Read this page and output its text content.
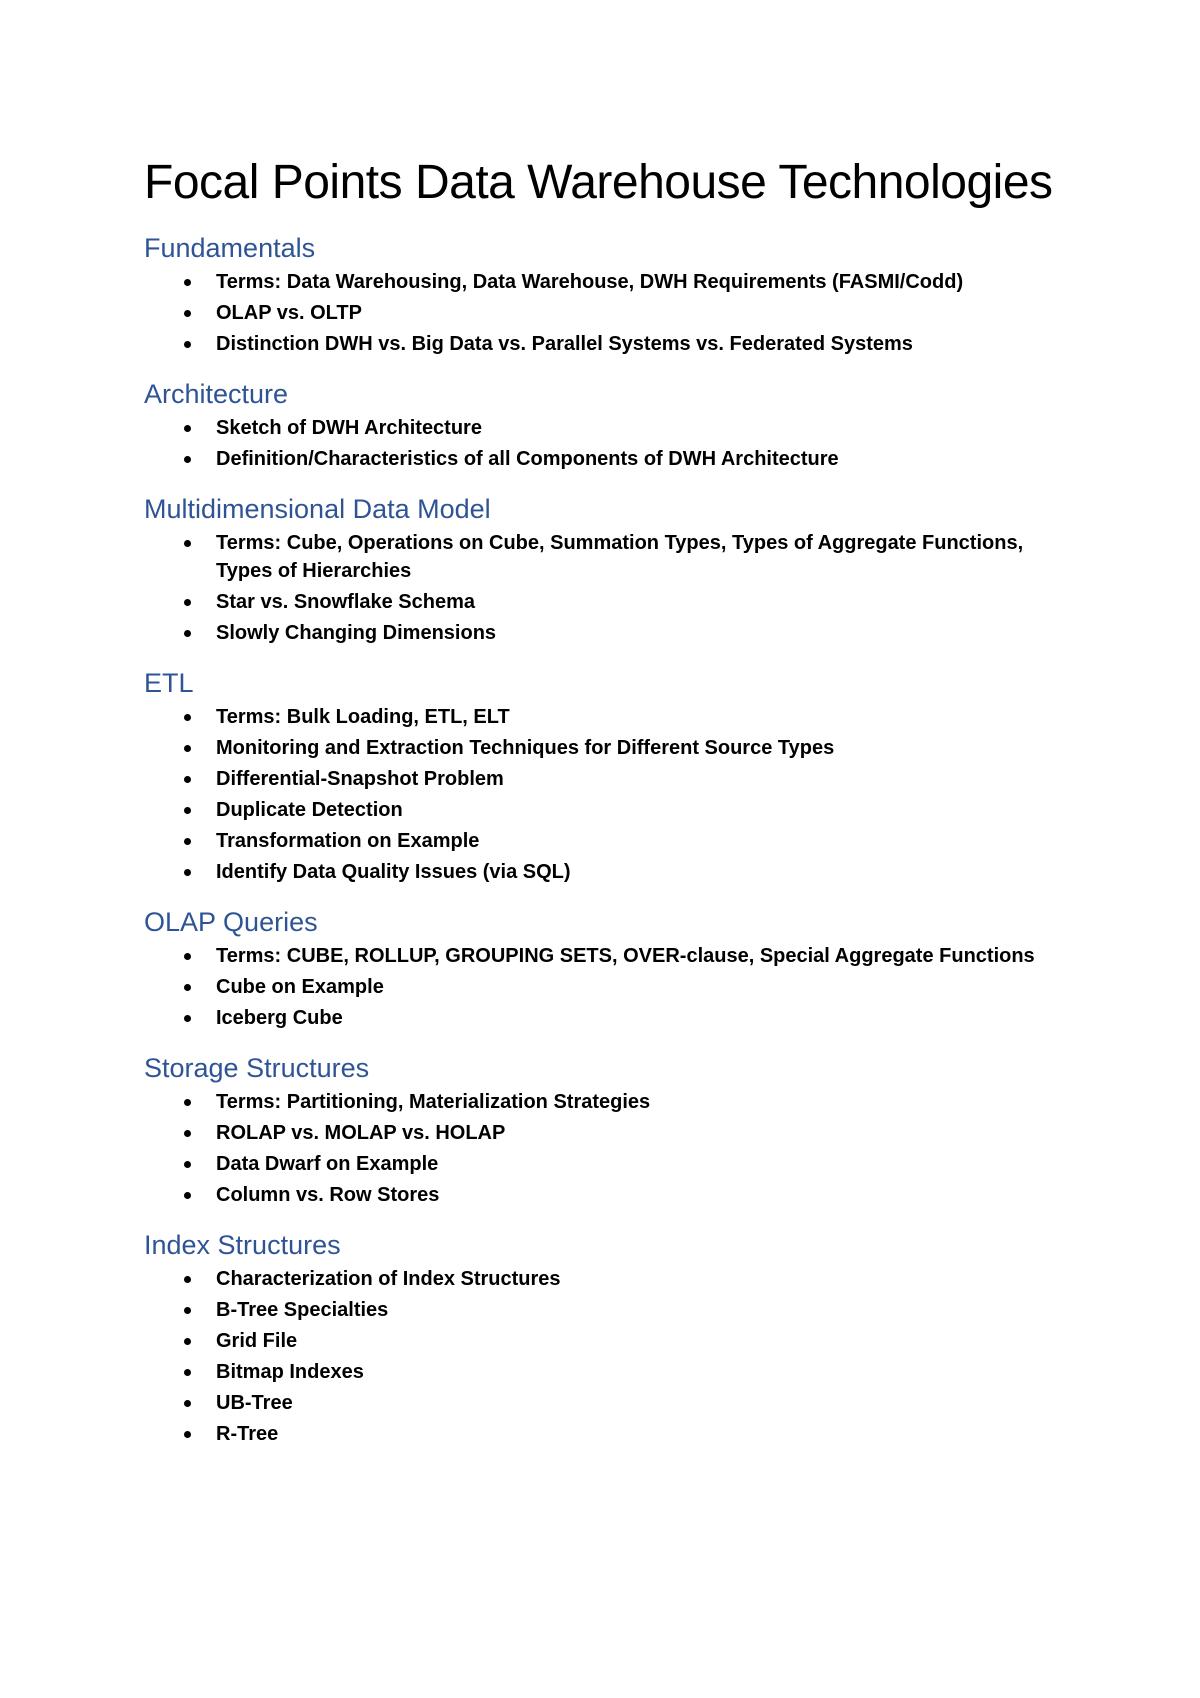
Focal Points Data Warehouse Technologies
Fundamentals
Terms: Data Warehousing, Data Warehouse, DWH Requirements (FASMI/Codd)
OLAP vs. OLTP
Distinction DWH vs. Big Data vs. Parallel Systems vs. Federated Systems
Architecture
Sketch of DWH Architecture
Definition/Characteristics of all Components of DWH Architecture
Multidimensional Data Model
Terms: Cube, Operations on Cube, Summation Types, Types of Aggregate Functions, Types of Hierarchies
Star vs. Snowflake Schema
Slowly Changing Dimensions
ETL
Terms: Bulk Loading, ETL, ELT
Monitoring and Extraction Techniques for Different Source Types
Differential-Snapshot Problem
Duplicate Detection
Transformation on Example
Identify Data Quality Issues (via SQL)
OLAP Queries
Terms: CUBE, ROLLUP, GROUPING SETS, OVER-clause, Special Aggregate Functions
Cube on Example
Iceberg Cube
Storage Structures
Terms: Partitioning, Materialization Strategies
ROLAP vs. MOLAP vs. HOLAP
Data Dwarf on Example
Column vs. Row Stores
Index Structures
Characterization of Index Structures
B-Tree Specialties
Grid File
Bitmap Indexes
UB-Tree
R-Tree
